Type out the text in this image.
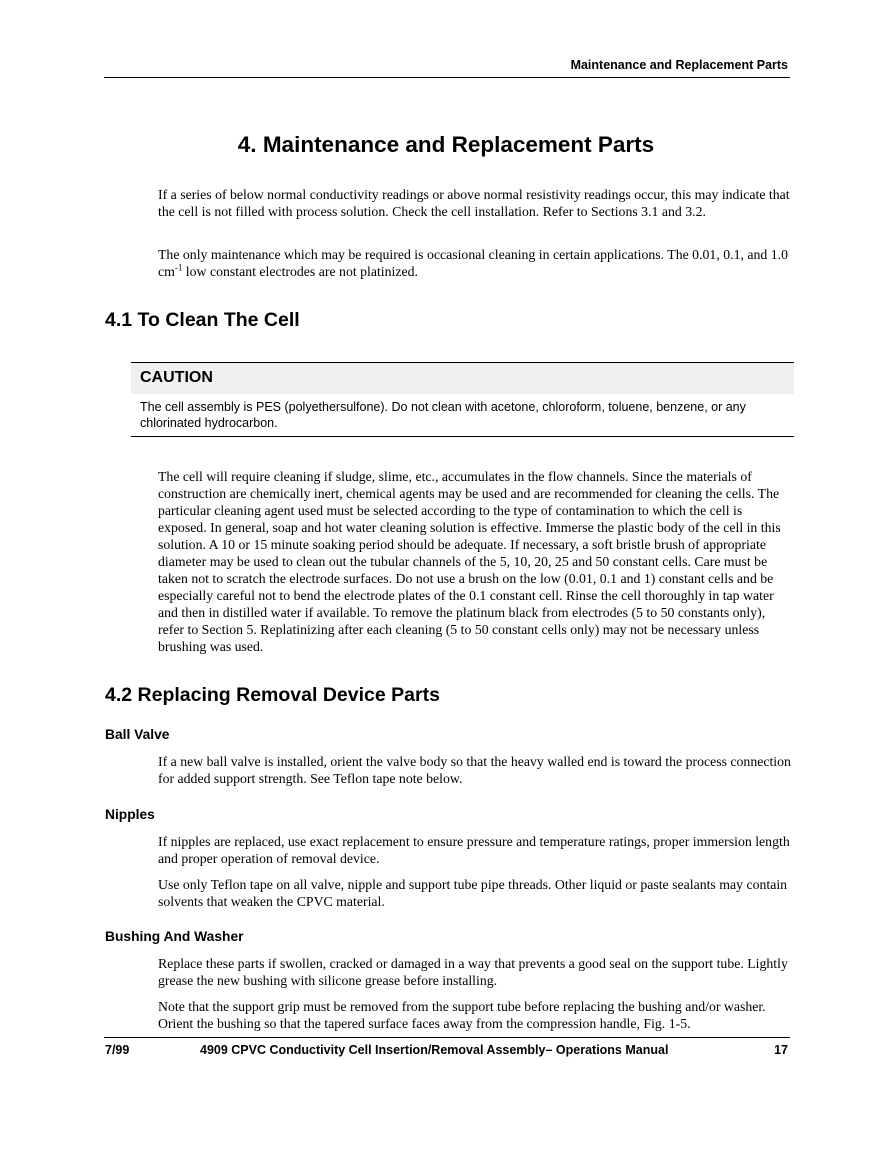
Maintenance and Replacement Parts
4. Maintenance and Replacement Parts
If a series of below normal conductivity readings or above normal resistivity readings occur, this may indicate that the cell is not filled with process solution. Check the cell installation. Refer to Sections 3.1 and 3.2.
The only maintenance which may be required is occasional cleaning in certain applications. The 0.01, 0.1, and 1.0 $cm^{-1}$ low constant electrodes are not platinized.
4.1 To Clean The Cell
CAUTION
The cell assembly is PES (polyethersulfone). Do not clean with acetone, chloroform, toluene, benzene, or any chlorinated hydrocarbon.
The cell will require cleaning if sludge, slime, etc., accumulates in the flow channels. Since the materials of construction are chemically inert, chemical agents may be used and are recommended for cleaning the cells. The particular cleaning agent used must be selected according to the type of contamination to which the cell is exposed. In general, soap and hot water cleaning solution is effective. Immerse the plastic body of the cell in this solution. A 10 or 15 minute soaking period should be adequate. If necessary, a soft bristle brush of appropriate diameter may be used to clean out the tubular channels of the 5, 10, 20, 25 and 50 constant cells. Care must be taken not to scratch the electrode surfaces. Do not use a brush on the low (0.01, 0.1 and 1) constant cells and be especially careful not to bend the electrode plates of the 0.1 constant cell. Rinse the cell thoroughly in tap water and then in distilled water if available. To remove the platinum black from electrodes (5 to 50 constants only), refer to Section 5. Replatinizing after each cleaning (5 to 50 constant cells only) may not be necessary unless brushing was used.
4.2 Replacing Removal Device Parts
Ball Valve
If a new ball valve is installed, orient the valve body so that the heavy walled end is toward the process connection for added support strength. See Teflon tape note below.
Nipples
If nipples are replaced, use exact replacement to ensure pressure and temperature ratings, proper immersion length and proper operation of removal device.
Use only Teflon tape on all valve, nipple and support tube pipe threads. Other liquid or paste sealants may contain solvents that weaken the CPVC material.
Bushing And Washer
Replace these parts if swollen, cracked or damaged in a way that prevents a good seal on the support tube. Lightly grease the new bushing with silicone grease before installing.
Note that the support grip must be removed from the support tube before replacing the bushing and/or washer. Orient the bushing so that the tapered surface faces away from the compression handle, Fig. 1-5.
7/99	4909 CPVC Conductivity Cell Insertion/Removal Assembly– Operations Manual	17
